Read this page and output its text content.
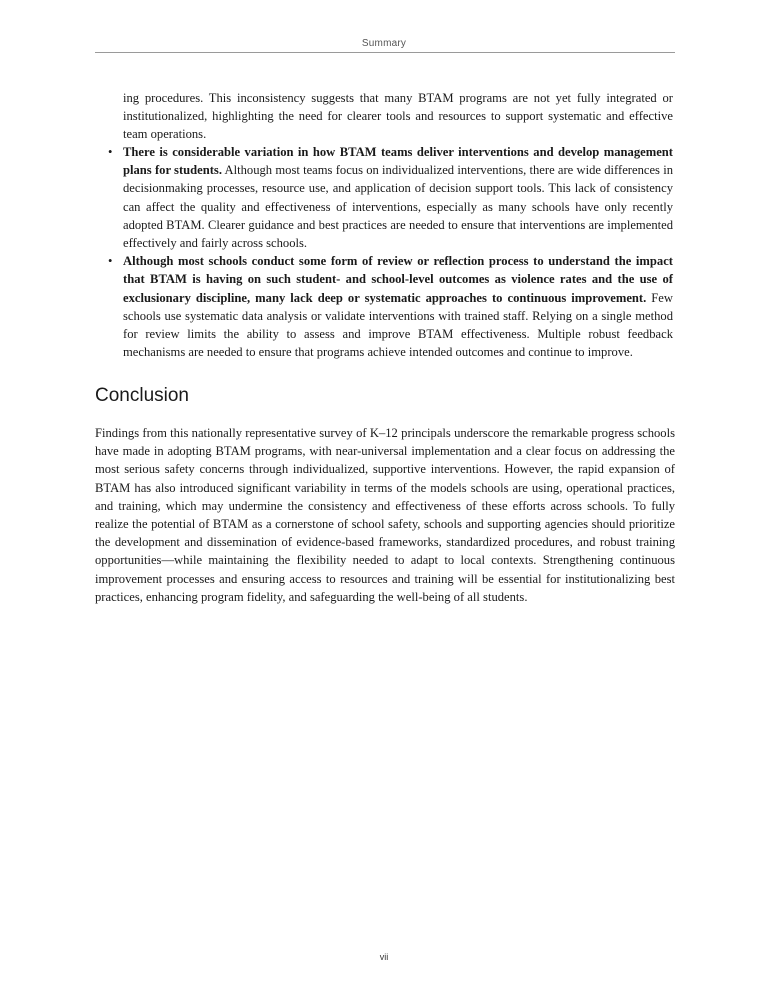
Summary

ing procedures. This inconsistency suggests that many BTAM programs are not yet fully integrated or institutionalized, highlighting the need for clearer tools and resources to support systematic and effective team operations.

• There is considerable variation in how BTAM teams deliver interventions and develop management plans for students. Although most teams focus on individualized interventions, there are wide differences in decisionmaking processes, resource use, and application of decision support tools. This lack of consistency can affect the quality and effectiveness of interventions, especially as many schools have only recently adopted BTAM. Clearer guidance and best practices are needed to ensure that interventions are implemented effectively and fairly across schools.
• Although most schools conduct some form of review or reflection process to understand the impact that BTAM is having on such student- and school-level outcomes as violence rates and the use of exclusionary discipline, many lack deep or systematic approaches to continuous improvement. Few schools use systematic data analysis or validate interventions with trained staff. Relying on a single method for review limits the ability to assess and improve BTAM effectiveness. Multiple robust feedback mechanisms are needed to ensure that programs achieve intended outcomes and continue to improve.
Conclusion

Findings from this nationally representative survey of K–12 principals underscore the remarkable progress schools have made in adopting BTAM programs, with near-universal implementation and a clear focus on addressing the most serious safety concerns through individualized, supportive interventions. However, the rapid expansion of BTAM has also introduced significant variability in terms of the models schools are using, operational practices, and training, which may undermine the consistency and effectiveness of these efforts across schools. To fully realize the potential of BTAM as a cornerstone of school safety, schools and supporting agencies should prioritize the development and dissemination of evidence-based frameworks, standardized procedures, and robust training opportunities—while maintaining the flexibility needed to adapt to local contexts. Strengthening continuous improvement processes and ensuring access to resources and training will be essential for institutionalizing best practices, enhancing program fidelity, and safeguarding the well-being of all students.

vii
